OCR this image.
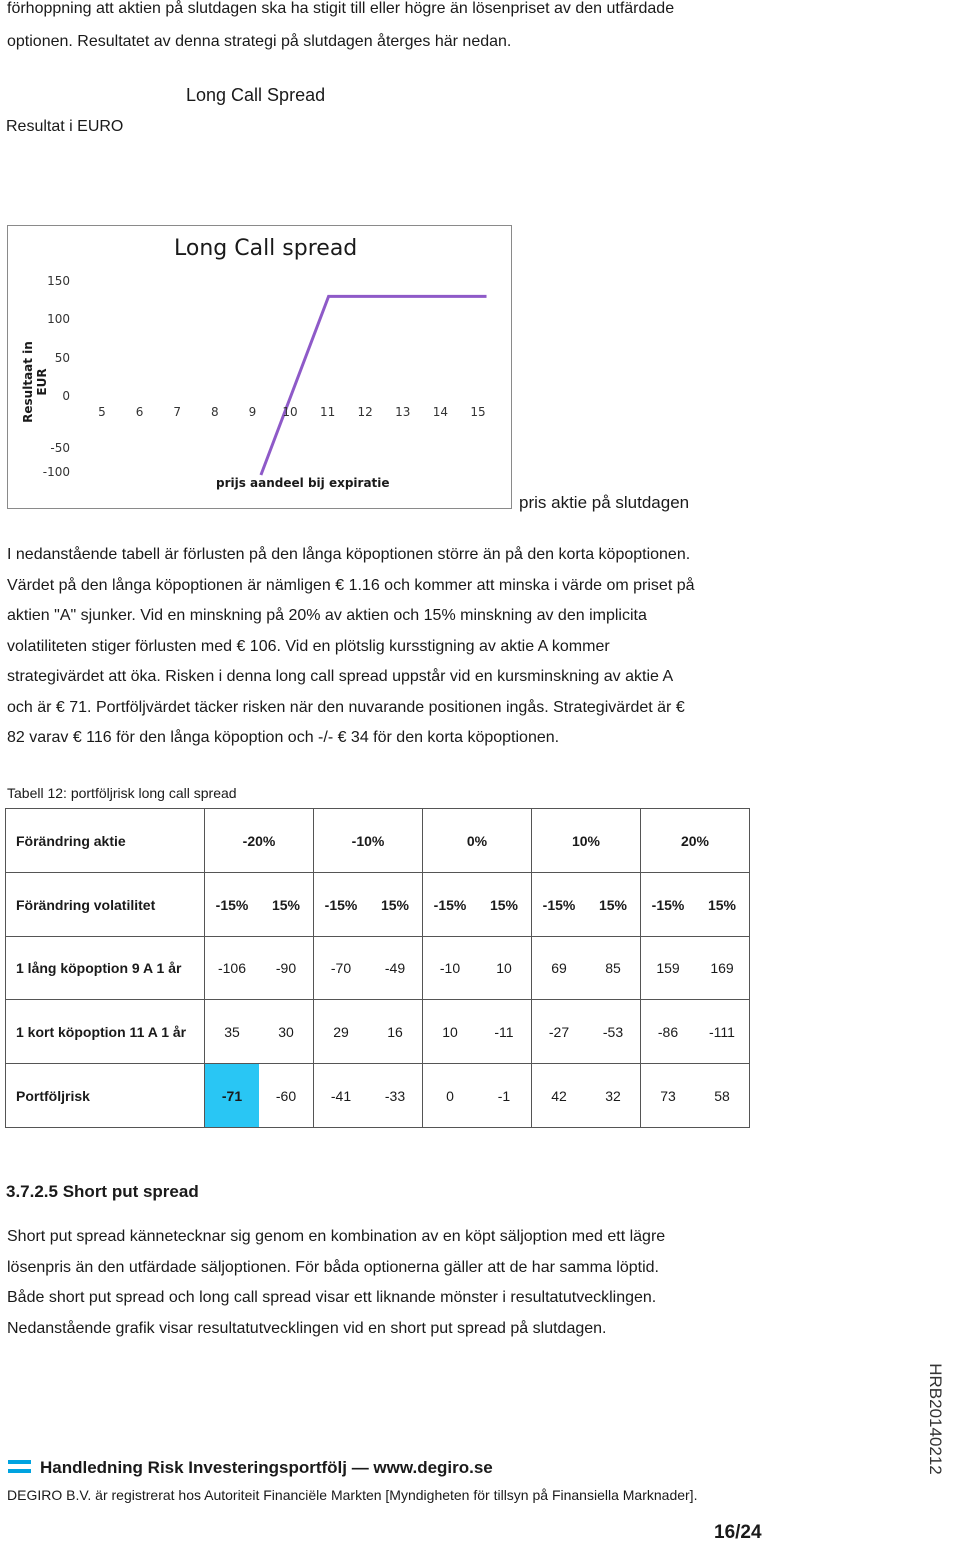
förhoppning att aktien på slutdagen ska ha stigit till eller högre än lösenpriset av den utfärdade
optionen. Resultatet av denna strategi på slutdagen återges här nedan.
Long Call Spread
Resultat i EURO
Long Call spread
prijs aandeel bij expiratie
Resultaat in EUR
150
100
50
0
-50
-100
5	6	7	8	9	10 11 12 13 14 15
pris aktie på slutdagen
I nedanstående tabell är förlusten på den långa köpoptionen större än på den korta köpoptionen.
Värdet på den långa köpoptionen är nämligen € 1.16 och kommer att minska i värde om priset på
aktien "A" sjunker. Vid en minskning på 20% av aktien och 15% minskning av den implicita
volatiliteten stiger förlusten med € 106. Vid en plötslig kursstigning av aktie A kommer
strategivärdet att öka. Risken i denna long call spread uppstår vid en kursminskning av aktie A
och är € 71. Portföljvärdet täcker risken när den nuvarande positionen ingås. Strategivärdet är €
82 varav € 116 för den långa köpoption och -/- € 34 för den korta köpoptionen.
Tabell 12: portföljrisk long call spread
Förändring aktie	-20%	-10%	0%	10%	20%
Förändring volatilitet	-15% 15%	-15% 15%	-15% 15%	-15% 15%	-15% 15%

1 lång köpoption 9 A 1 år	-106 -90	-70 -49	-10 10	69 85	159 169

1 kort köpoption 11 A 1 år	35 30	29 16	10 -11	-27 -53	-86 -111

Portföljrisk	-71 -60	-41 -33	0 -1	42 32	73 58
3.7.2.5 Short put spread
Short put spread kännetecknar sig genom en kombination av en köpt säljoption med ett lägre
lösenpris än den utfärdade säljoptionen. För båda optionerna gäller att de har samma löptid.
Både short put spread och long call spread visar ett liknande mönster i resultatutvecklingen.
Nedanstående grafik visar resultatutvecklingen vid en short put spread på slutdagen.
Handledning Risk Investeringsportfölj — www.degiro.se
DEGIRO B.V. är registrerat hos Autoriteit Financiële Markten [Myndigheten för tillsyn på Finansiella Marknader].
16/24
HRB20140212
